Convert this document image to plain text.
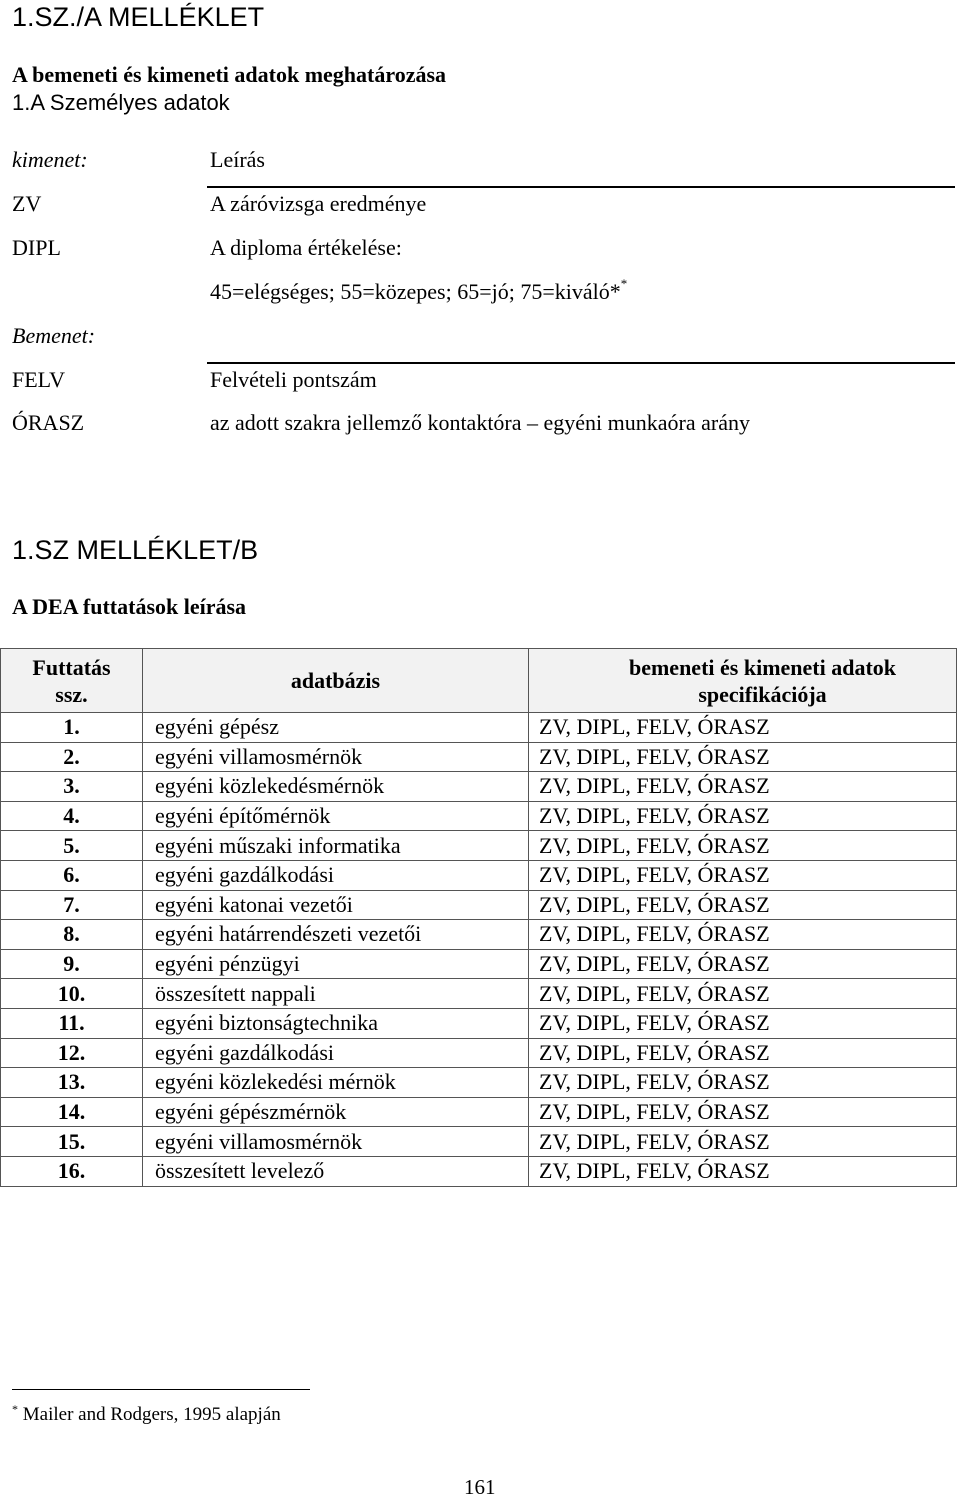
1.SZ./A MELLÉKLET
A bemeneti és kimeneti adatok meghatározása
1.A Személyes adatok
kimenet:	Leírás
ZV	A záróvizsga eredménye
DIPL	A diploma értékelése:
45=elégséges; 55=közepes; 65=jó; 75=kiváló**
Bemenet:
FELV	Felvételi pontszám
ÓRASZ	az adott szakra jellemző kontaktóra – egyéni munkaóra arány
1.SZ MELLÉKLET/B
A DEA futtatások leírása
Futtatás
ssz.	adatbázis	bemeneti és kimeneti adatok
specifikációja
1.	egyéni gépész	ZV, DIPL, FELV, ÓRASZ
2.	egyéni villamosmérnök	ZV, DIPL, FELV, ÓRASZ
3.	egyéni közlekedésmérnök	ZV, DIPL, FELV, ÓRASZ
4.	egyéni építőmérnök	ZV, DIPL, FELV, ÓRASZ
5.	egyéni műszaki informatika	ZV, DIPL, FELV, ÓRASZ
6.	egyéni gazdálkodási	ZV, DIPL, FELV, ÓRASZ
7.	egyéni katonai vezetői	ZV, DIPL, FELV, ÓRASZ
8.	egyéni határrendészeti vezetői	ZV, DIPL, FELV, ÓRASZ
9.	egyéni pénzügyi	ZV, DIPL, FELV, ÓRASZ
10.	összesített nappali	ZV, DIPL, FELV, ÓRASZ
11.	egyéni biztonságtechnika	ZV, DIPL, FELV, ÓRASZ
12.	egyéni gazdálkodási	ZV, DIPL, FELV, ÓRASZ
13.	egyéni közlekedési mérnök	ZV, DIPL, FELV, ÓRASZ
14.	egyéni gépészmérnök	ZV, DIPL, FELV, ÓRASZ
15.	egyéni villamosmérnök	ZV, DIPL, FELV, ÓRASZ
16.	összesített levelező	ZV, DIPL, FELV, ÓRASZ
* Mailer and Rodgers, 1995 alapján
161
